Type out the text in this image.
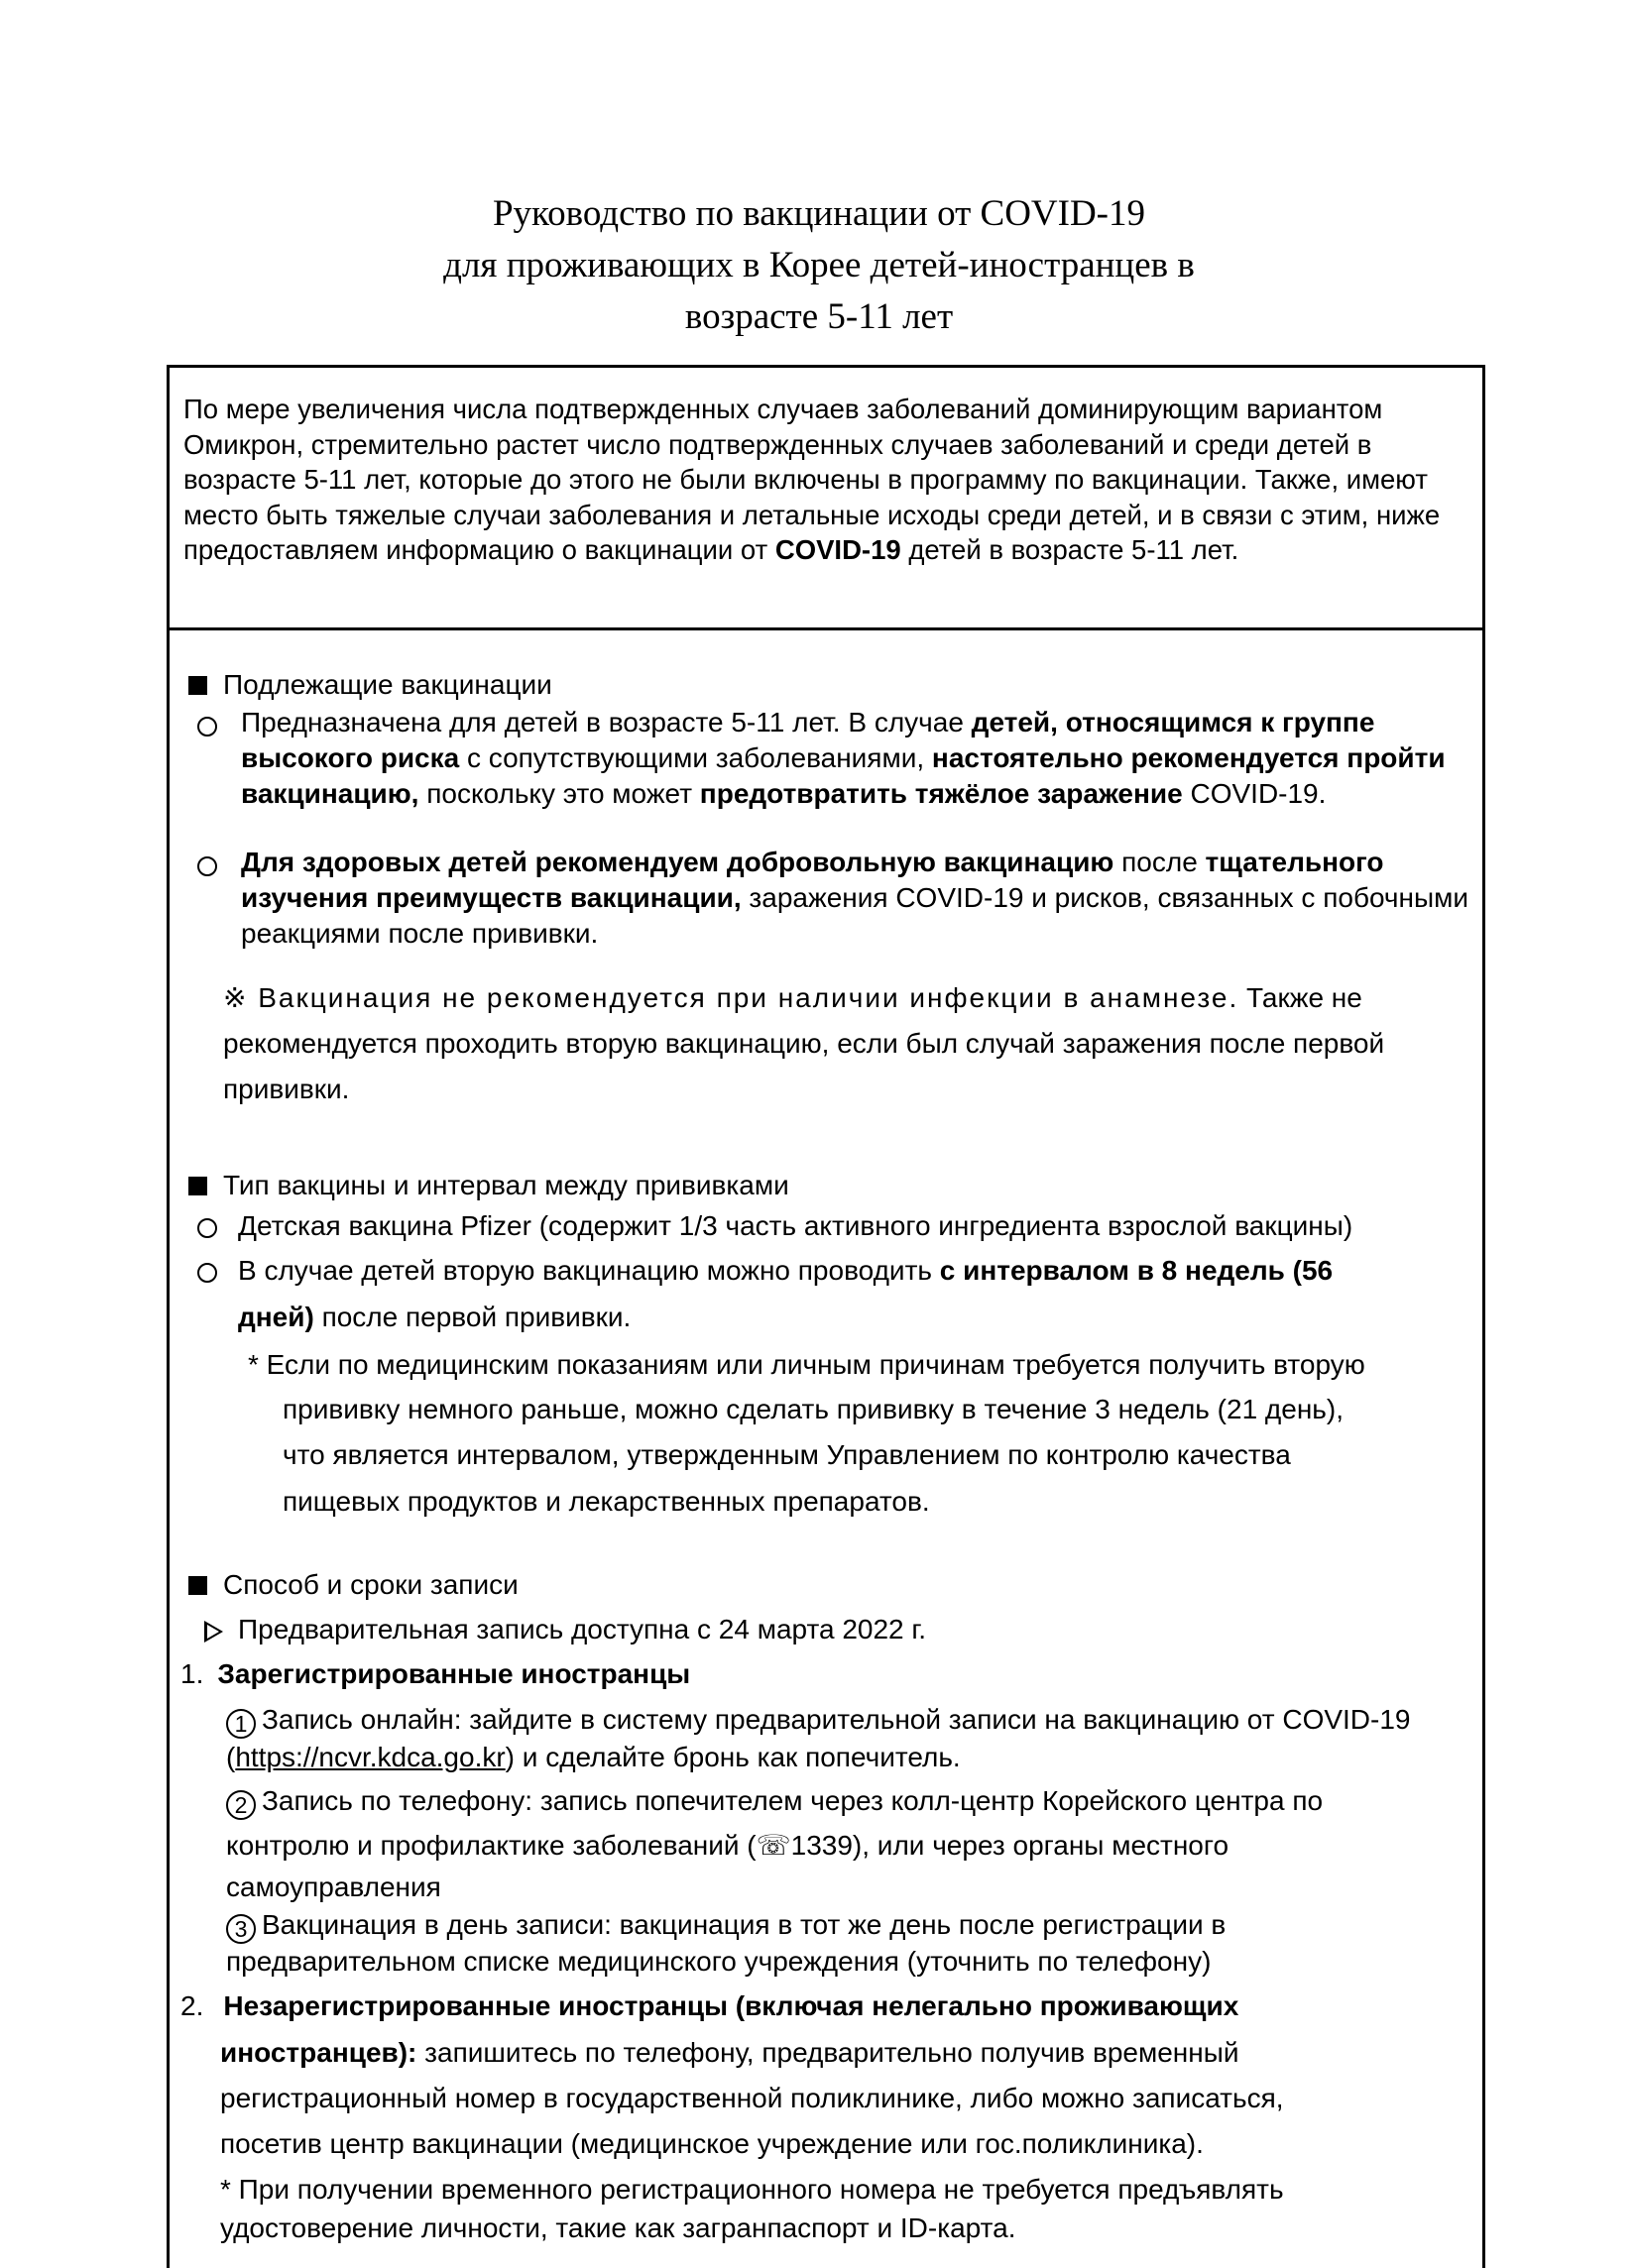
Руководство по вакцинации от COVID-19
для проживающих в Корее детей-иностранцев в
возрасте 5-11 лет
По мере увеличения числа подтвержденных случаев заболеваний доминирующим вариантом Омикрон, стремительно растет число подтвержденных случаев заболеваний и среди детей в возрасте 5-11 лет, которые до этого не были включены в программу по вакцинации. Также, имеют место быть тяжелые случаи заболевания и летальные исходы среди детей, и в связи с этим, ниже предоставляем информацию о вакцинации от COVID-19 детей в возрасте 5-11 лет.
Подлежащие вакцинации
Предназначена для детей в возрасте 5-11 лет. В случае детей, относящимся к группе высокого риска с сопутствующими заболеваниями, настоятельно рекомендуется пройти вакцинацию, поскольку это может предотвратить тяжёлое заражение COVID-19.
Для здоровых детей рекомендуем добровольную вакцинацию после тщательного изучения преимуществ вакцинации, заражения COVID-19 и рисков, связанных с побочными реакциями после прививки.
※ Вакцинация не рекомендуется при наличии инфекции в анамнезе. Также не рекомендуется проходить вторую вакцинацию, если был случай заражения после первой прививки.
Тип вакцины и интервал между прививками
Детская вакцина Pfizer (содержит 1/3 часть активного ингредиента взрослой вакцины)
В случае детей вторую вакцинацию можно проводить с интервалом в 8 недель (56
дней) после первой прививки.
* Если по медицинским показаниям или личным причинам требуется получить вторую
прививку немного раньше, можно сделать прививку в течение 3 недель (21 день),
что является интервалом, утвержденным Управлением по контролю качества
пищевых продуктов и лекарственных препаратов.
Способ и сроки записи
Предварительная запись доступна с 24 марта 2022 г.
1. Зарегистрированные иностранцы
1 Запись онлайн: зайдите в систему предварительной записи на вакцинацию от COVID-19
(https://ncvr.kdca.go.kr) и сделайте бронь как попечитель.
2 Запись по телефону: запись попечителем через колл-центр Корейского центра по
контролю и профилактике заболеваний (☏1339), или через органы местного
самоуправления
3 Вакцинация в день записи: вакцинация в тот же день после регистрации в
предварительном списке медицинского учреждения (уточнить по телефону)
2. Незарегистрированные иностранцы (включая нелегально проживающих
иностранцев): запишитесь по телефону, предварительно получив временный
регистрационный номер в государственной поликлинике, либо можно записаться,
посетив центр вакцинации (медицинское учреждение или гос.поликлиника).
* При получении временного регистрационного номера не требуется предъявлять
удостоверение личности, такие как загранпаспорт и ID-карта.
